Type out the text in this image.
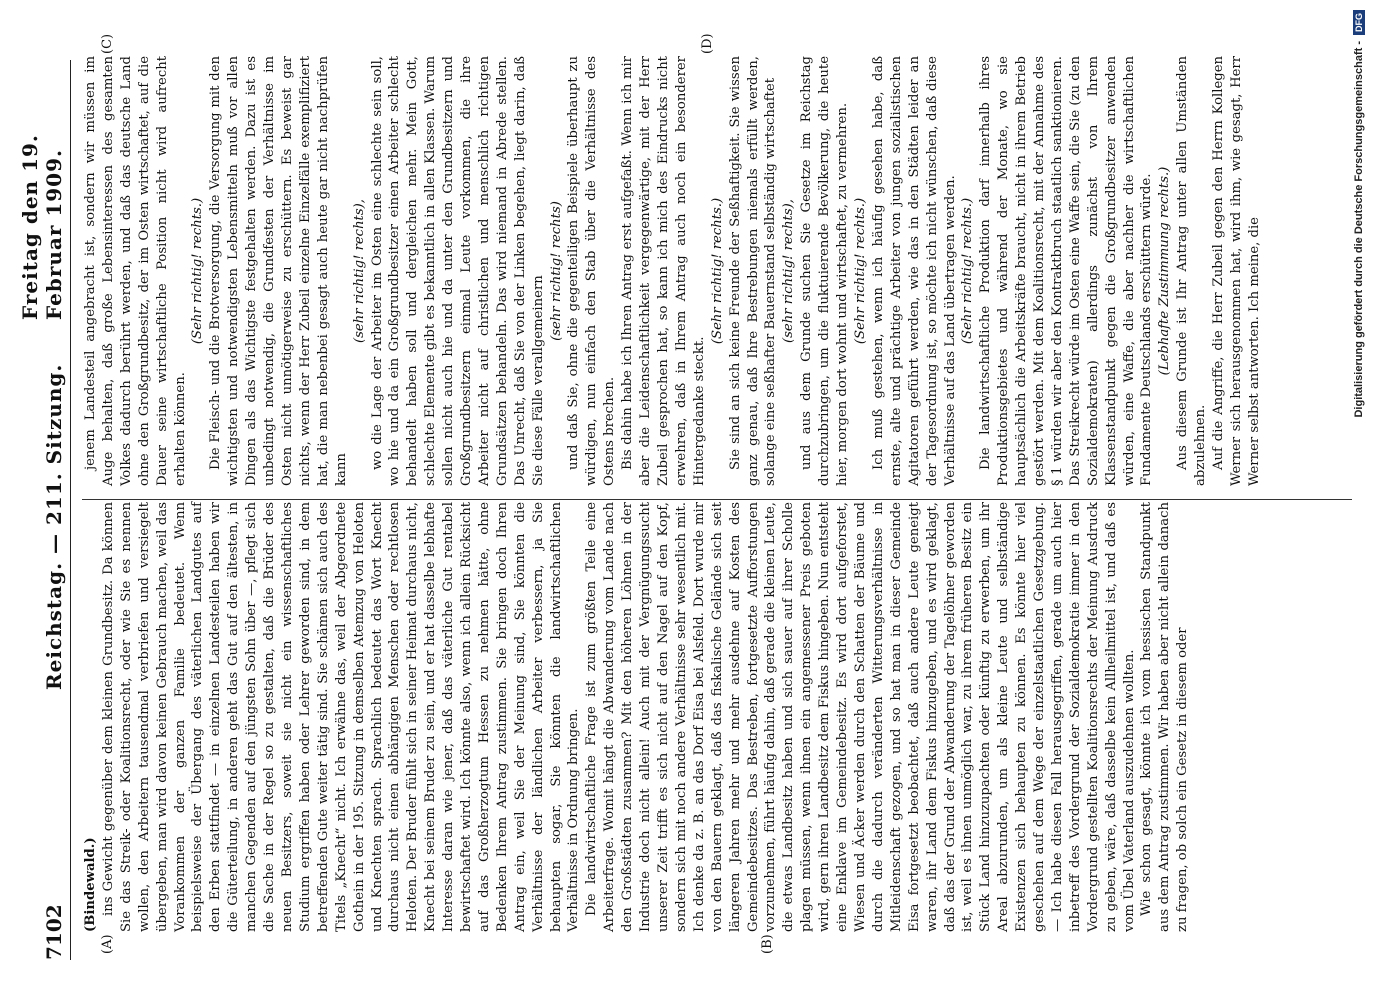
7102
Reichstag. — 211. Sitzung.
Freitag den 19. Februar 1909.
(A)	(B)
(C)	(D)

(Bindewald.) ins Gewicht gegenüber dem kleinen Grundbesitz. Da können Sie das Streik- oder Koalitionsrecht, oder wie Sie es nennen wollen, den Arbeitern tausendmal verbriefen und versiegelt übergeben, man wird davon keinen Gebrauch machen, weil das Vorankommen der ganzen Familie bedeutet. Wenn beispielsweise der Übergang des väterlichen Landgutes auf den Erben stattfindet — in einzelnen Landesteilen haben wir die Güterteilung, in anderen geht das Gut auf den ältesten, in manchen Gegenden auf den jüngsten Sohn über —, pflegt sich die Sache in der Regel so zu gestalten, daß die Brüder des neuen Besitzers, soweit sie nicht ein wissenschaftliches Studium ergriffen haben oder Lehrer geworden sind, in dem betreffenden Gute weiter tätig sind. Sie schämen sich auch des Titels „Knecht“ nicht. Ich erwähne das, weil der Abgeordnete Gothein in der 195. Sitzung in demselben Atemzug von Heloten und Knechten sprach. Sprachlich bedeutet das Wort Knecht durchaus nicht einen abhängigen Menschen oder rechtlosen Heloten. Der Bruder fühlt sich in seiner Heimat durchaus nicht, Knecht bei seinem Bruder zu sein, und er hat dasselbe lebhafte Interesse daran wie jener, daß das väterliche Gut rentabel bewirtschaftet wird. Ich könnte also, wenn ich allein Rücksicht auf das Großherzogtum Hessen zu nehmen hätte, ohne Bedenken Ihrem Antrag zustimmen. Sie bringen doch Ihren Antrag ein, weil Sie der Meinung sind, Sie könnten die Verhältnisse der ländlichen Arbeiter verbessern, ja Sie behaupten sogar, Sie könnten die landwirtschaftlichen Verhältnisse in Ordnung bringen. Die landwirtschaftliche Frage ist zum größten Teile eine Arbeiterfrage. Womit hängt die Abwanderung vom Lande nach den Großstädten zusammen? Mit den höheren Löhnen in der Industrie doch nicht allein! Auch mit der Vergnügungssucht unserer Zeit trifft es sich nicht auf den Nagel auf den Kopf, sondern sich mit noch andere Verhältnisse sehr wesentlich mit. Ich denke da z. B. an das Dorf Eisa bei Alsfeld. Dort wurde mir von den Bauern geklagt, daß das fiskalische Gelände sich seit längeren Jahren mehr und mehr ausdehne auf Kosten des Gemeindebesitzes. Das Bestreben, fortgesetzte Aufforstungen vorzunehmen, führt häufig dahin, daß gerade die kleinen Leute, die etwas Landbesitz haben und sich sauer auf ihrer Scholle plagen müssen, wenn ihnen ein angemessener Preis geboten wird, gern ihren Landbesitz dem Fiskus hingeben. Nun entsteht eine Enklave im Gemeindebesitz. Es wird dort aufgeforstet, Wiesen und Äcker werden durch den Schatten der Bäume und durch die dadurch veränderten Witterungsverhältnisse in Mitleidenschaft gezogen, und so hat man in dieser Gemeinde Eisa fortgesetzt beobachtet, daß auch andere Leute geneigt waren, ihr Land dem Fiskus hinzugeben, und es wird geklagt, daß das der Grund der Abwanderung der Tagelöhner geworden ist, weil es ihnen unmöglich war, zu ihrem früheren Besitz ein Stück Land hinzuzupachten oder künftig zu erwerben, um ihr Areal abzurunden, um als kleine Leute und selbständige Existenzen sich behaupten zu können. Es könnte hier viel geschehen auf dem Wege der einzelstaatlichen Gesetzgebung. — Ich habe diesen Fall herausgegriffen, gerade um auch hier inbetreff des Vordergrund der Sozialdemokratie immer in den Vordergrund gestellten Koalitionsrechts der Meinung Ausdruck zu geben, wäre, daß dasselbe kein Allheilmittel ist, und daß es vom Übel Vaterland auszudehnen wollten. Wie schon gesagt, könnte ich vom hessischen Standpunkt aus dem Antrag zustimmen. Wir haben aber nicht allein danach zu fragen, ob solch ein Gesetz in diesem oder

jenem Landesteil angebracht ist, sondern wir müssen im Auge behalten, daß große Lebensinteressen des gesamten Volkes dadurch berührt werden, und daß das deutsche Land ohne den Großgrundbesitz, der im Osten wirtschaftet, auf die Dauer seine wirtschaftliche Position nicht wird aufrecht erhalten können.

(Sehr richtig! rechts.) Die Fleisch- und die Brotversorgung, die Versorgung mit den wichtigsten und notwendigsten Lebensmitteln muß vor allen Dingen als das Wichtigste festgehalten werden. Dazu ist es unbedingt notwendig, die Grundfesten der Verhältnisse im Osten nicht unnötigerweise zu erschüttern. Es beweist gar nichts, wenn der Herr Zubeil einzelne Einzelfälle exemplifiziert hat, die man nebenbei gesagt auch heute gar nicht nachprüfen kann

(sehr richtig! rechts), wo die Lage der Arbeiter im Osten eine schlechte sein soll, wo hie und da ein Großgrundbesitzer einen Arbeiter schlecht behandelt haben soll und dergleichen mehr. Mein Gott, schlechte Elemente gibt es bekanntlich in allen Klassen. Warum sollen nicht auch hie und da unter den Grundbesitzern und Großgrundbesitzern einmal Leute vorkommen, die ihre Arbeiter nicht auf christlichen und menschlich richtigen Grundsätzen behandeln. Das wird niemand in Abrede stellen. Das Unrecht, daß Sie von der Linken begehen, liegt darin, daß Sie diese Fälle verallgemeinern

(sehr richtig! rechts) und daß Sie, ohne die gegenteiligen Beispiele überhaupt zu würdigen, nun einfach den Stab über die Verhältnisse des Ostens brechen. Bis dahin habe ich Ihren Antrag erst aufgefaßt. Wenn ich mir aber die Leidenschaftlichkeit vergegenwärtige, mit der Herr Zubeil gesprochen hat, so kann ich mich des Eindrucks nicht erwehren, daß in Ihrem Antrag auch noch ein besonderer Hintergedanke steckt.

(Sehr richtig! rechts.) Sie sind an sich keine Freunde der Seßhaftigkeit. Sie wissen ganz genau, daß Ihre Bestrebungen niemals erfüllt werden, solange eine seßhafter Bauernstand selbständig wirtschaftet (sehr richtig! rechts), und aus dem Grunde suchen Sie Gesetze im Reichstag durchzubringen, um die fluktuierende Bevölkerung, die heute hier, morgen dort wohnt und wirtschaftet, zu vermehren. (Sehr richtig! rechts.) Ich muß gestehen, wenn ich häufig gesehen habe, daß ernste, alte und prächtige Arbeiter von jungen sozialistischen Agitatoren geführt werden, wie das in den Städten leider an der Tagesordnung ist, so möchte ich nicht wünschen, daß diese Verhältnisse auf das Land übertragen werden. (Sehr richtig! rechts.) Die landwirtschaftliche Produktion darf innerhalb ihres Produktionsgebietes und während der Monate, wo sie hauptsächlich die Arbeitskräfte braucht, nicht in ihrem Betrieb gestört werden. Mit dem Koalitionsrecht, mit der Annahme des § 1 würden wir aber den Kontraktbruch staatlich sanktionieren. Das Streikrecht würde im Osten eine Waffe sein, die Sie (zu den Sozialdemokraten) allerdings zunächst von Ihrem Klassenstandpunkt gegen die Großgrundbesitzer anwenden würden, eine Waffe, die aber nachher die wirtschaftlichen Fundamente Deutschlands erschüttern würde. (Lebhafte Zustimmung rechts.) Aus diesem Grunde ist Ihr Antrag unter allen Umständen abzulehnen. Auf die Angriffe, die Herr Zubeil gegen den Herrn Kollegen Werner sich herausgenommen hat, wird ihm, wie gesagt, Herr Werner selbst antworten. Ich meine, die	Digitalisierung gefördert durch die Deutsche Forschungsgemeinschaft -DFG
